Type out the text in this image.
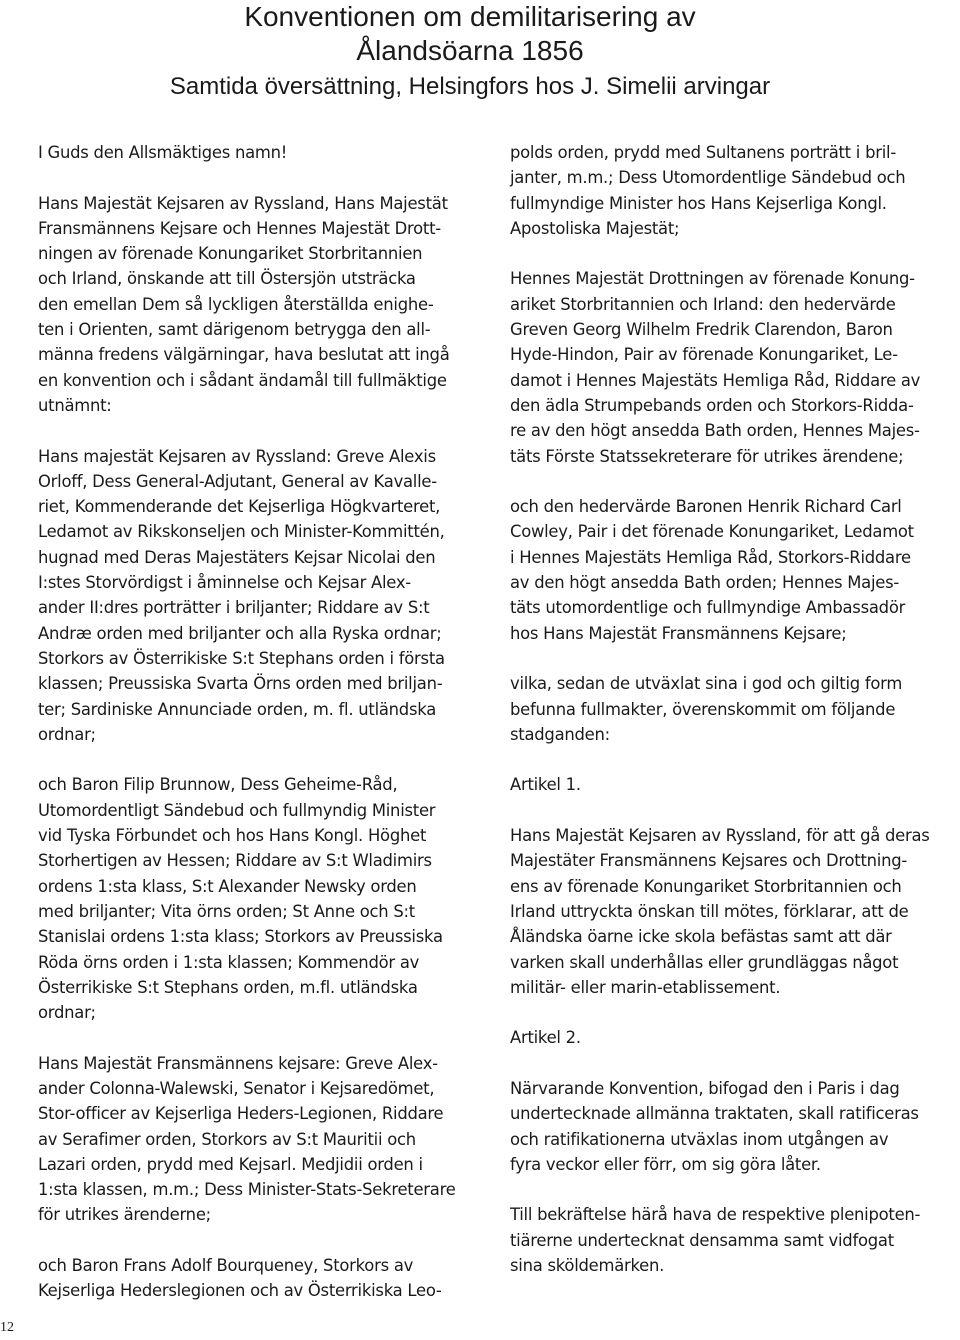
Konventionen om demilitarisering av
Ålandsöarna 1856
Samtida översättning, Helsingfors hos J. Simelii arvingar

I Guds den Allsmäktiges namn!

Hans Majestät Kejsaren av Ryssland, Hans Majestät
Fransmännens Kejsare och Hennes Majestät Drott-
ningen av förenade Konungariket Storbritannien
och Irland, önskande att till Östersjön utsträcka
den emellan Dem så lyckligen återställda enighe-
ten i Orienten, samt därigenom betrygga den all-
männa fredens välgärningar, hava beslutat att ingå
en konvention och i sådant ändamål till fullmäktige
utnämnt:

Hans majestät Kejsaren av Ryssland: Greve Alexis
Orloff, Dess General-Adjutant, General av Kavalle-
riet, Kommenderande det Kejserliga Högkvarteret,
Ledamot av Rikskonseljen och Minister-Kommittén,
hugnad med Deras Majestäters Kejsar Nicolai den
I:stes Storvördigst i åminnelse och Kejsar Alex-
ander II:dres porträtter i briljanter; Riddare av S:t
Andræ orden med briljanter och alla Ryska ordnar;
Storkors av Österrikiske S:t Stephans orden i första
klassen; Preussiska Svarta Örns orden med briljan-
ter; Sardiniske Annunciade orden, m. fl. utländska
ordnar;

och Baron Filip Brunnow, Dess Geheime-Råd,
Utomordentligt Sändebud och fullmyndig Minister
vid Tyska Förbundet och hos Hans Kongl. Höghet
Storhertigen av Hessen; Riddare av S:t Wladimirs
ordens 1:sta klass, S:t Alexander Newsky orden
med briljanter; Vita örns orden; St Anne och S:t
Stanislai ordens 1:sta klass; Storkors av Preussiska
Röda örns orden i 1:sta klassen; Kommendör av
Österrikiske S:t Stephans orden, m.fl. utländska
ordnar;

Hans Majestät Fransmännens kejsare: Greve Alex-
ander Colonna-Walewski, Senator i Kejsaredömet,
Stor-officer av Kejserliga Heders-Legionen, Riddare
av Serafimer orden, Storkors av S:t Mauritii och
Lazari orden, prydd med Kejsarl. Medjidii orden i
1:sta klassen, m.m.; Dess Minister-Stats-Sekreterare
för utrikes ärenderne;

och Baron Frans Adolf Bourqueney, Storkors av
Kejserliga Hederslegionen och av Österrikiska Leo-

polds orden, prydd med Sultanens porträtt i bril-
janter, m.m.; Dess Utomordentlige Sändebud och
fullmyndige Minister hos Hans Kejserliga Kongl.
Apostoliska Majestät;

Hennes Majestät Drottningen av förenade Konung-
ariket Storbritannien och Irland: den hedervärde
Greven Georg Wilhelm Fredrik Clarendon, Baron
Hyde-Hindon, Pair av förenade Konungariket, Le-
damot i Hennes Majestäts Hemliga Råd, Riddare av
den ädla Strumpebands orden och Storkors-Ridda-
re av den högt ansedda Bath orden, Hennes Majes-
täts Förste Statssekreterare för utrikes ärendene;

och den hedervärde Baronen Henrik Richard Carl
Cowley, Pair i det förenade Konungariket, Ledamot
i Hennes Majestäts Hemliga Råd, Storkors-Riddare
av den högt ansedda Bath orden; Hennes Majes-
täts utomordentlige och fullmyndige Ambassadör
hos Hans Majestät Fransmännens Kejsare;

vilka, sedan de utväxlat sina i god och giltig form
befunna fullmakter, överenskommit om följande
stadganden:

Artikel 1.

Hans Majestät Kejsaren av Ryssland, för att gå deras
Majestäter Fransmännens Kejsares och Drottning-
ens av förenade Konungariket Storbritannien och
Irland uttryckta önskan till mötes, förklarar, att de
Åländska öarne icke skola befästas samt att där
varken skall underhållas eller grundläggas något
militär- eller marin-etablissement.

Artikel 2.

Närvarande Konvention, bifogad den i Paris i dag
undertecknade allmänna traktaten, skall ratificeras
och ratifikationerna utväxlas inom utgången av
fyra veckor eller förr, om sig göra låter.

Till bekräftelse härå hava de respektive plenipoten-
tiärerne undertecknat densamma samt vidfogat
sina sköldemärken.

12
